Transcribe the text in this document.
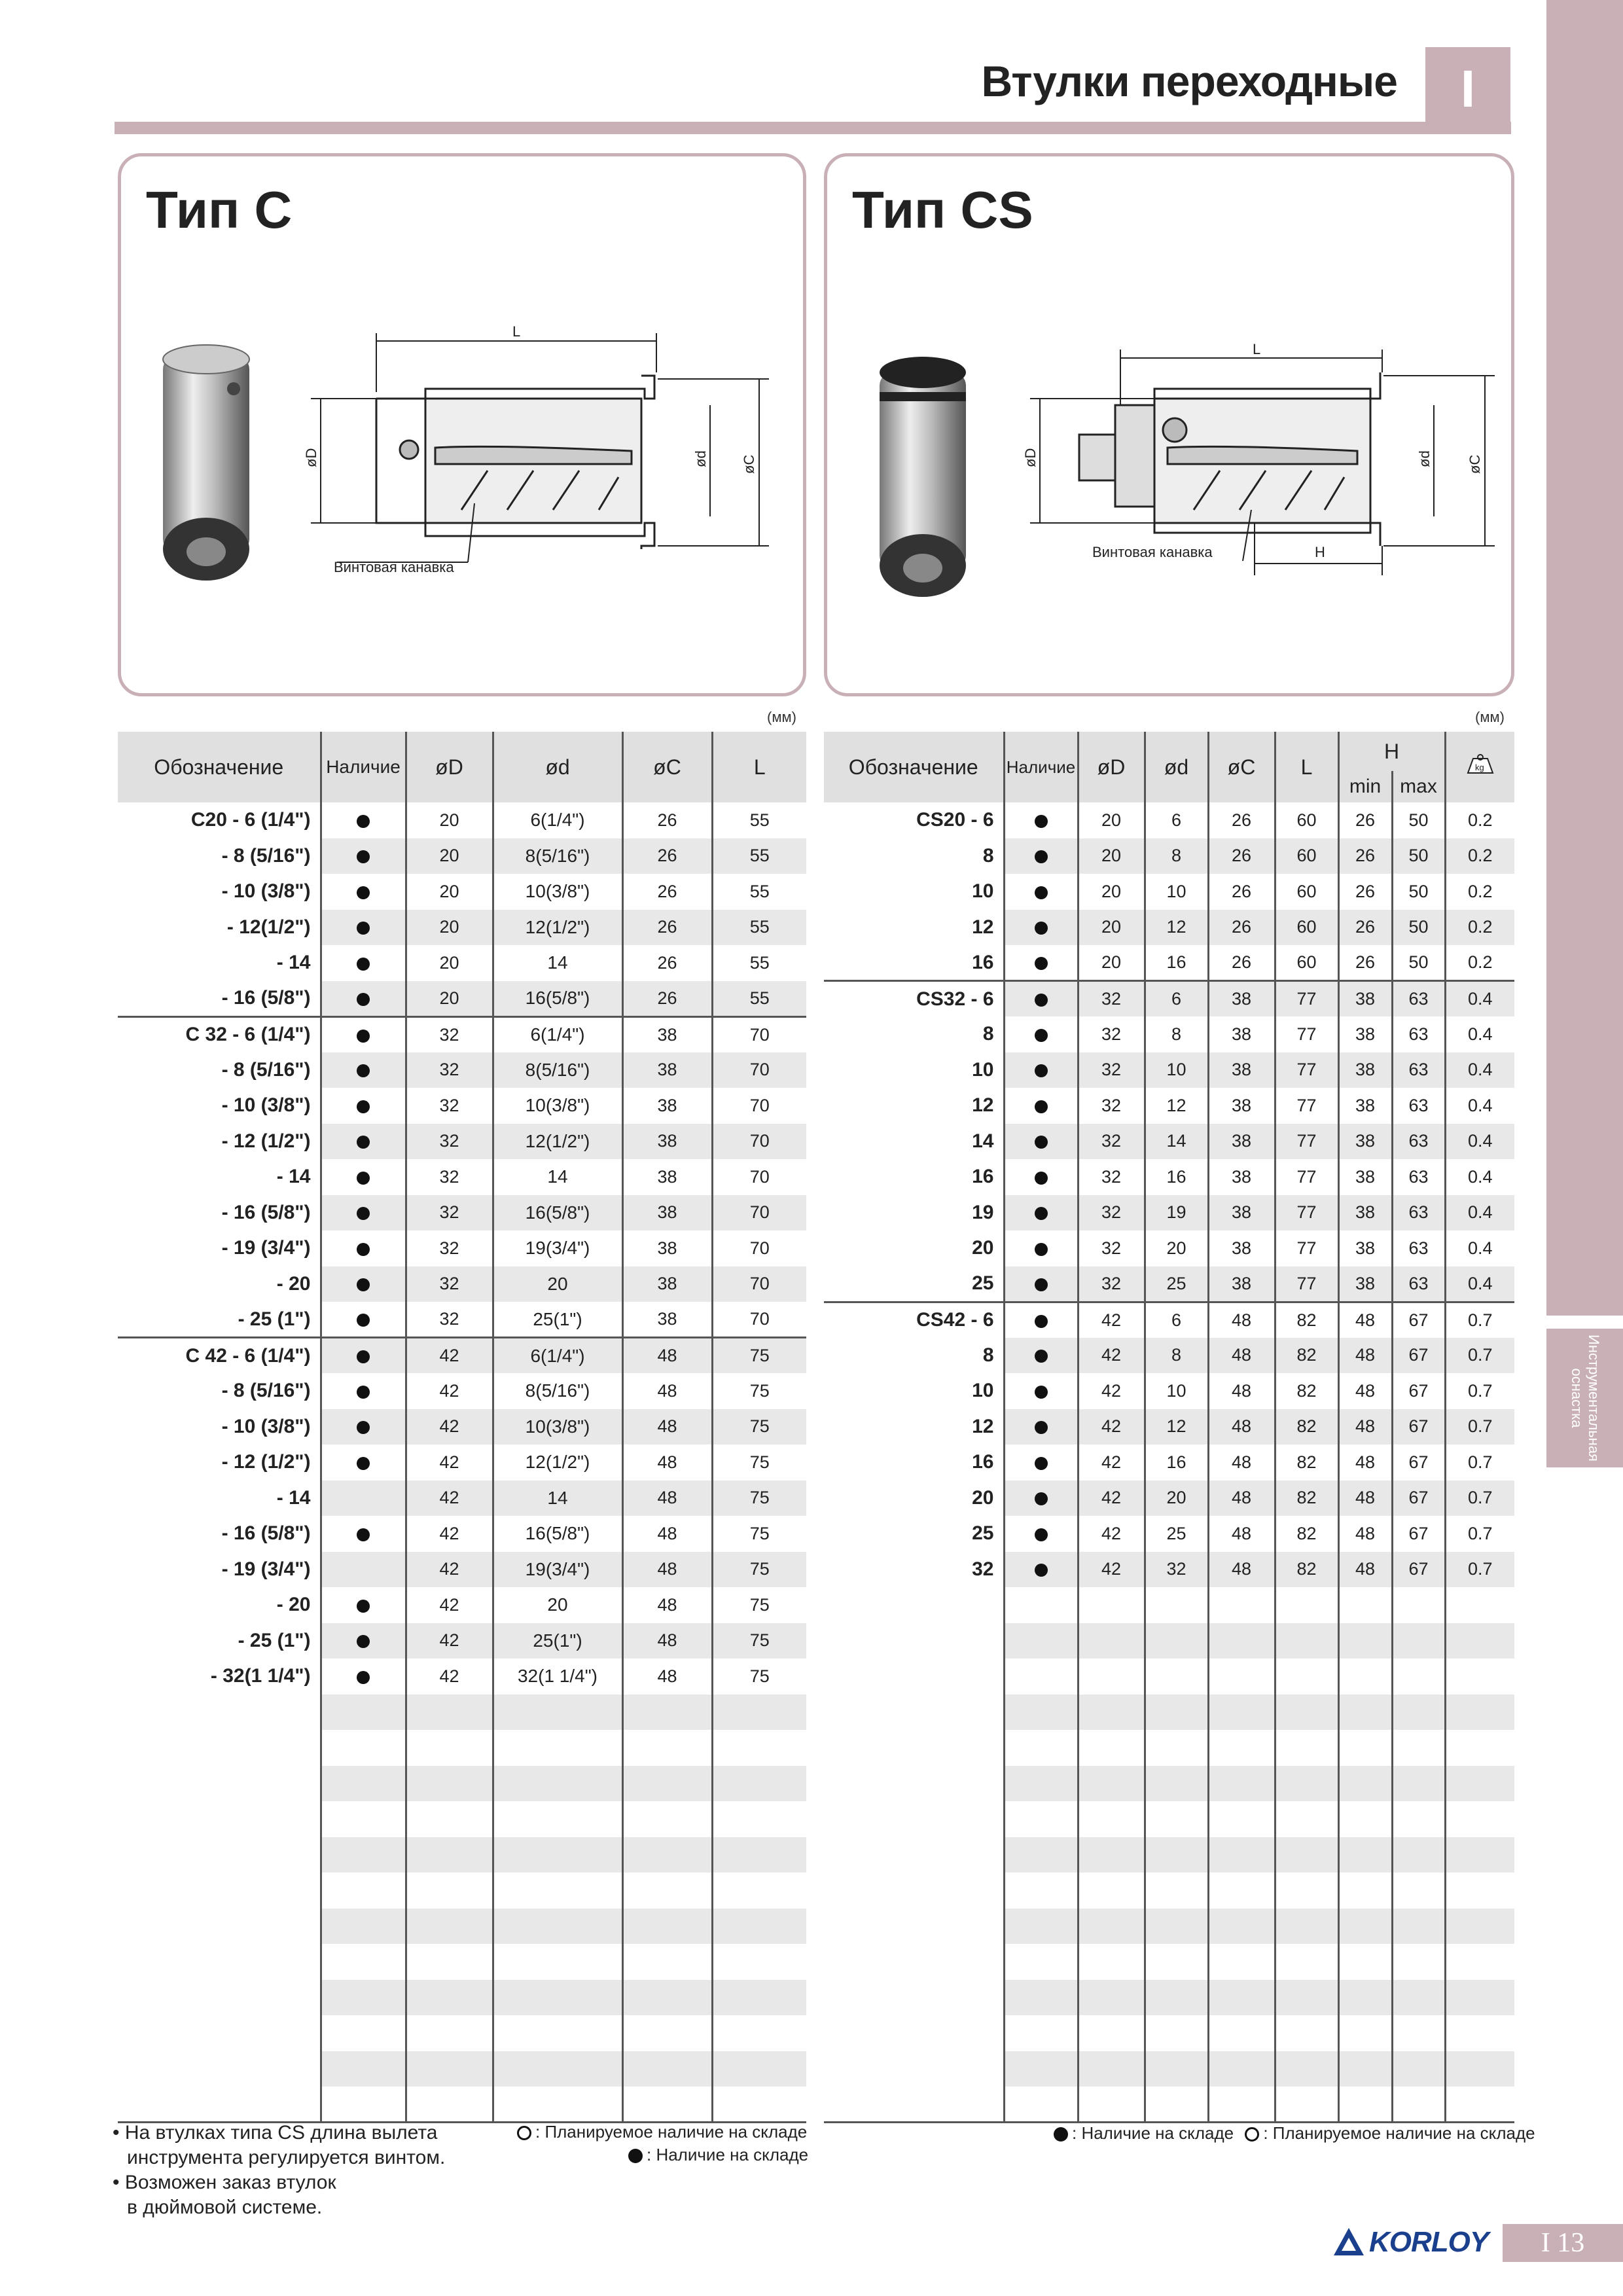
Инструментальная
оснастка
Втулки переходные	I
Тип C
L
øD	ød øC
Винтовая канавка
Тип CS
L
øD	ød øC
H
Винтовая канавка
(мм)	(мм)
Обозначение	Наличие	øD	ød	øC	L
C20 - 6 (1/4")		20	6(1/4")	26	55
- 8 (5/16")		20	8(5/16")	26	55
- 10 (3/8")		20	10(3/8")	26	55
- 12(1/2")		20	12(1/2")	26	55
- 14		20	14	26	55
- 16 (5/8")		20	16(5/8")	26	55
C 32 - 6 (1/4")		32	6(1/4")	38	70
- 8 (5/16")		32	8(5/16")	38	70
- 10 (3/8")		32	10(3/8")	38	70
- 12 (1/2")		32	12(1/2")	38	70
- 14		32	14	38	70
- 16 (5/8")		32	16(5/8")	38	70
- 19 (3/4")		32	19(3/4")	38	70
- 20		32	20	38	70
- 25 (1")		32	25(1")	38	70
C 42 - 6 (1/4")		42	6(1/4")	48	75
- 8 (5/16")		42	8(5/16")	48	75
- 10 (3/8")		42	10(3/8")	48	75
- 12 (1/2")		42	12(1/2")	48	75
- 14		42	14	48	75
- 16 (5/8")		42	16(5/8")	48	75
- 19 (3/4")		42	19(3/4")	48	75
- 20		42	20	48	75
- 25 (1")		42	25(1")	48	75
- 32(1 1/4")		42	32(1 1/4")	48	75

Обозначение	Наличие	øD	ød	øC	L	H		kg

						min	max	
CS20 - 6		20	6	26	60	26	50	0.2
8		20	8	26	60	26	50	0.2
10		20	10	26	60	26	50	0.2
12		20	12	26	60	26	50	0.2
16		20	16	26	60	26	50	0.2
CS32 - 6		32	6	38	77	38	63	0.4
8		32	8	38	77	38	63	0.4
10		32	10	38	77	38	63	0.4
12		32	12	38	77	38	63	0.4
14		32	14	38	77	38	63	0.4
16		32	16	38	77	38	63	0.4
19		32	19	38	77	38	63	0.4
20		32	20	38	77	38	63	0.4
25		32	25	38	77	38	63	0.4
CS42 - 6		42	6	48	82	48	67	0.7
8		42	8	48	82	48	67	0.7
10		42	10	48	82	48	67	0.7
12		42	12	48	82	48	67	0.7
16		42	16	48	82	48	67	0.7
20		42	20	48	82	48	67	0.7
25		42	25	48	82	48	67	0.7
32		42	32	48	82	48	67	0.7

• На втулках типа CS длина вылета
инструмента регулируется винтом.
• Возможен заказ втулок
в дюймовой системе.
: Планируемое наличие на складе
: Наличие на складе
: Наличие на складе : Планируемое наличие на складе
KORLOY	I 13
